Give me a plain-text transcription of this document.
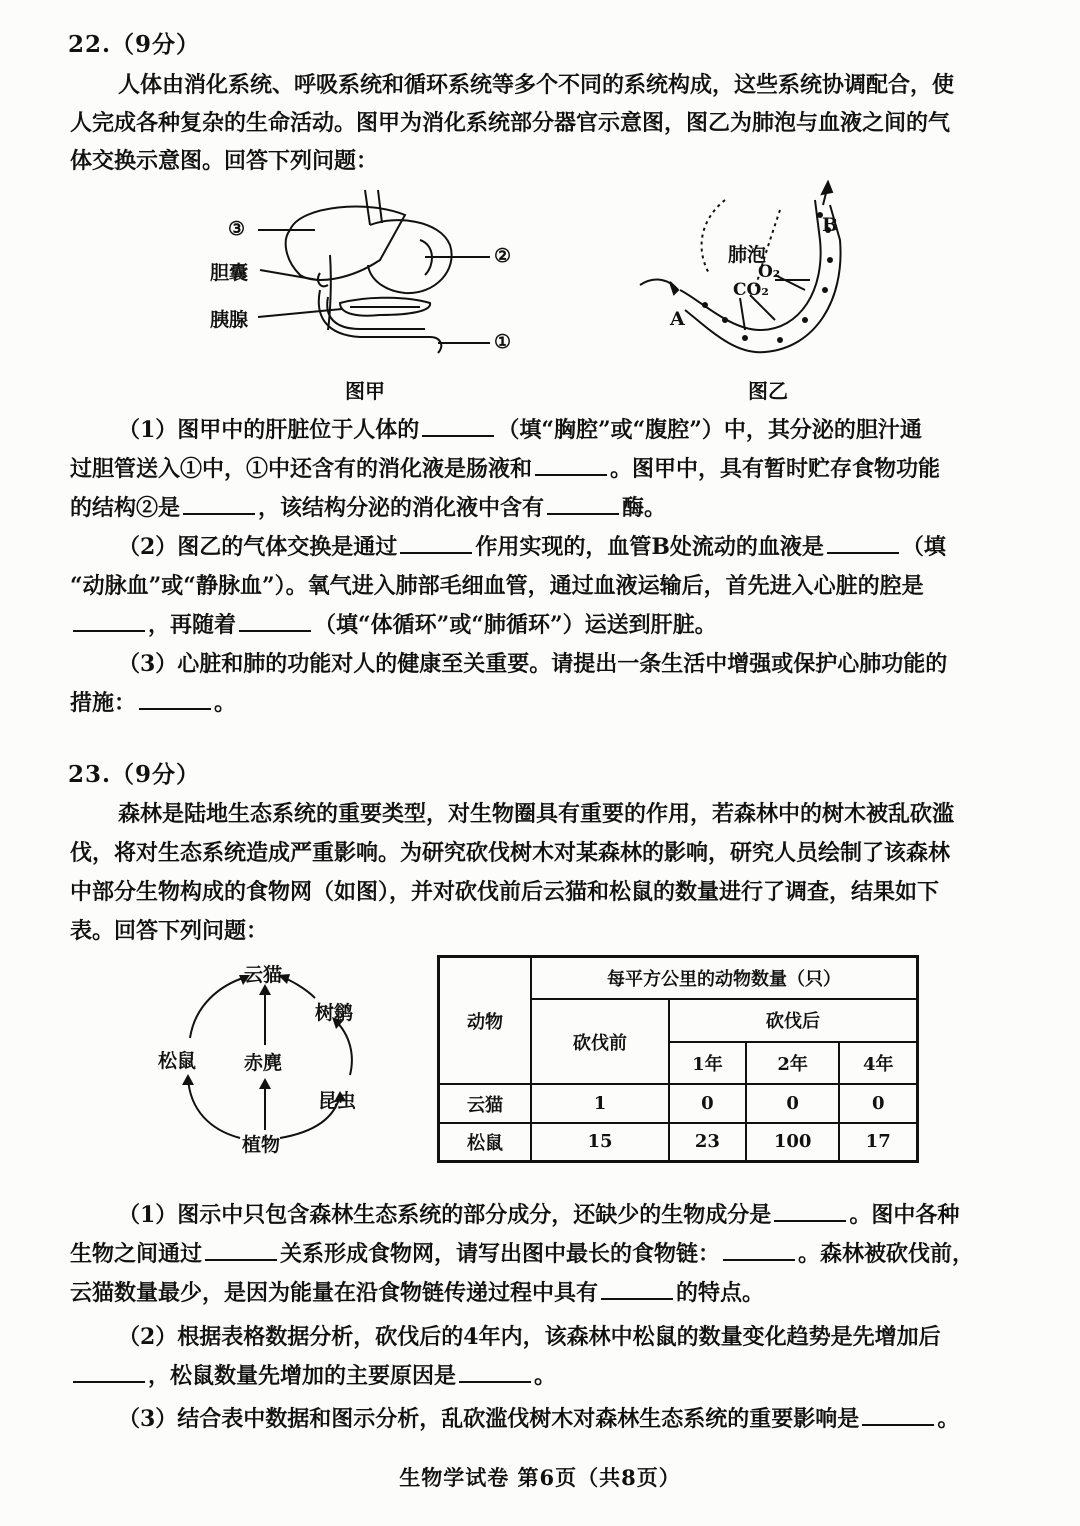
22.（9分）
人体由消化系统、呼吸系统和循环系统等多个不同的系统构成，这些系统协调配合，使
人完成各种复杂的生命活动。图甲为消化系统部分器官示意图，图乙为肺泡与血液之间的气
体交换示意图。回答下列问题：
③
胆囊
胰腺
②
①
图甲
肺泡
O₂
CO₂
A
B
图乙
（1）图甲中的肝脏位于人体的	（填“胸腔”或“腹腔”）中，其分泌的胆汁通
过胆管送入①中，①中还含有的消化液是肠液和	。图甲中，具有暂时贮存食物功能
的结构②是	，该结构分泌的消化液中含有	酶。
（2）图乙的气体交换是通过	作用实现的，血管B处流动的血液是	（填
“动脉血”或“静脉血”）。氧气进入肺部毛细血管，通过血液运输后，首先进入心脏的腔是
，再随着	（填“体循环”或“肺循环”）运送到肝脏。
（3）心脏和肺的功能对人的健康至关重要。请提出一条生活中增强或保护心肺功能的
措施：	。
23.（9分）
森林是陆地生态系统的重要类型，对生物圈具有重要的作用，若森林中的树木被乱砍滥
伐，将对生态系统造成严重影响。为研究砍伐树木对某森林的影响，研究人员绘制了该森林
中部分生物构成的食物网（如图），并对砍伐前后云猫和松鼠的数量进行了调查，结果如下
表。回答下列问题：
云猫
树鹟
松鼠	赤麂
昆虫
植物
动物	每平方公里的动物数量（只）			
	砍伐前	砍伐后		
		1年	2年	4年
云猫	1	0	0	0
松鼠	15	23	100	17
（1）图示中只包含森林生态系统的部分成分，还缺少的生物成分是	。图中各种
生物之间通过	关系形成食物网，请写出图中最长的食物链：	。森林被砍伐前，
云猫数量最少，是因为能量在沿食物链传递过程中具有	的特点。
（2）根据表格数据分析，砍伐后的4年内，该森林中松鼠的数量变化趋势是先增加后
，松鼠数量先增加的主要原因是	。
（3）结合表中数据和图示分析，乱砍滥伐树木对森林生态系统的重要影响是	。
生物学试卷 第6页（共8页）
